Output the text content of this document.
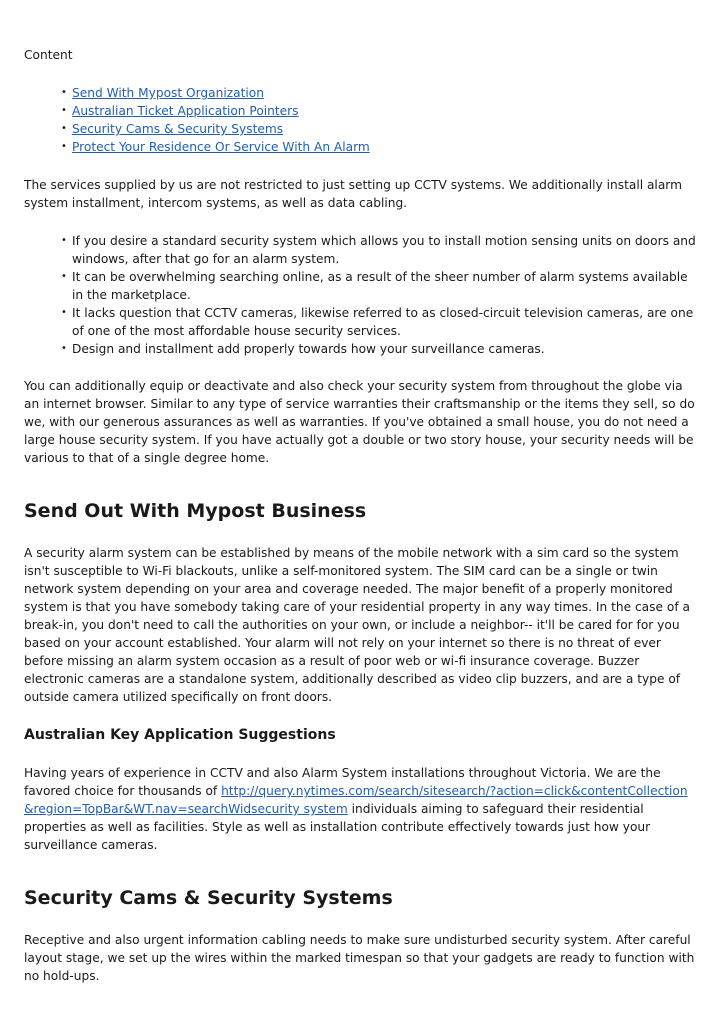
Content

• Send With Mypost Organization
• Australian Ticket Application Pointers
• Security Cams & Security Systems
• Protect Your Residence Or Service With An Alarm

The services supplied by us are not restricted to just setting up CCTV systems. We additionally install alarm system installment, intercom systems, as well as data cabling.

• If you desire a standard security system which allows you to install motion sensing units on doors and windows, after that go for an alarm system.
• It can be overwhelming searching online, as a result of the sheer number of alarm systems available in the marketplace.
• It lacks question that CCTV cameras, likewise referred to as closed-circuit television cameras, are one of one of the most affordable house security services.
• Design and installment add properly towards how your surveillance cameras.

You can additionally equip or deactivate and also check your security system from throughout the globe via an internet browser. Similar to any type of service warranties their craftsmanship or the items they sell, so do we, with our generous assurances as well as warranties. If you've obtained a small house, you do not need a large house security system. If you have actually got a double or two story house, your security needs will be various to that of a single degree home.

Send Out With Mypost Business

A security alarm system can be established by means of the mobile network with a sim card so the system isn't susceptible to Wi-Fi blackouts, unlike a self-monitored system. The SIM card can be a single or twin network system depending on your area and coverage needed. The major benefit of a properly monitored system is that you have somebody taking care of your residential property in any way times. In the case of a break-in, you don't need to call the authorities on your own, or include a neighbor-- it'll be cared for for you based on your account established. Your alarm will not rely on your internet so there is no threat of ever before missing an alarm system occasion as a result of poor web or wi-fi insurance coverage. Buzzer electronic cameras are a standalone system, additionally described as video clip buzzers, and are a type of outside camera utilized specifically on front doors.

Australian Key Application Suggestions

Having years of experience in CCTV and also Alarm System installations throughout Victoria. We are the favored choice for thousands of http://query.nytimes.com/search/sitesearch/?action=click&contentCollection&region=TopBar&WT.nav=searchWidsecurity system individuals aiming to safeguard their residential properties as well as facilities. Style as well as installation contribute effectively towards just how your surveillance cameras.

Security Cams & Security Systems

Receptive and also urgent information cabling needs to make sure undisturbed security system. After careful layout stage, we set up the wires within the marked timespan so that your gadgets are ready to function with no hold-ups.
